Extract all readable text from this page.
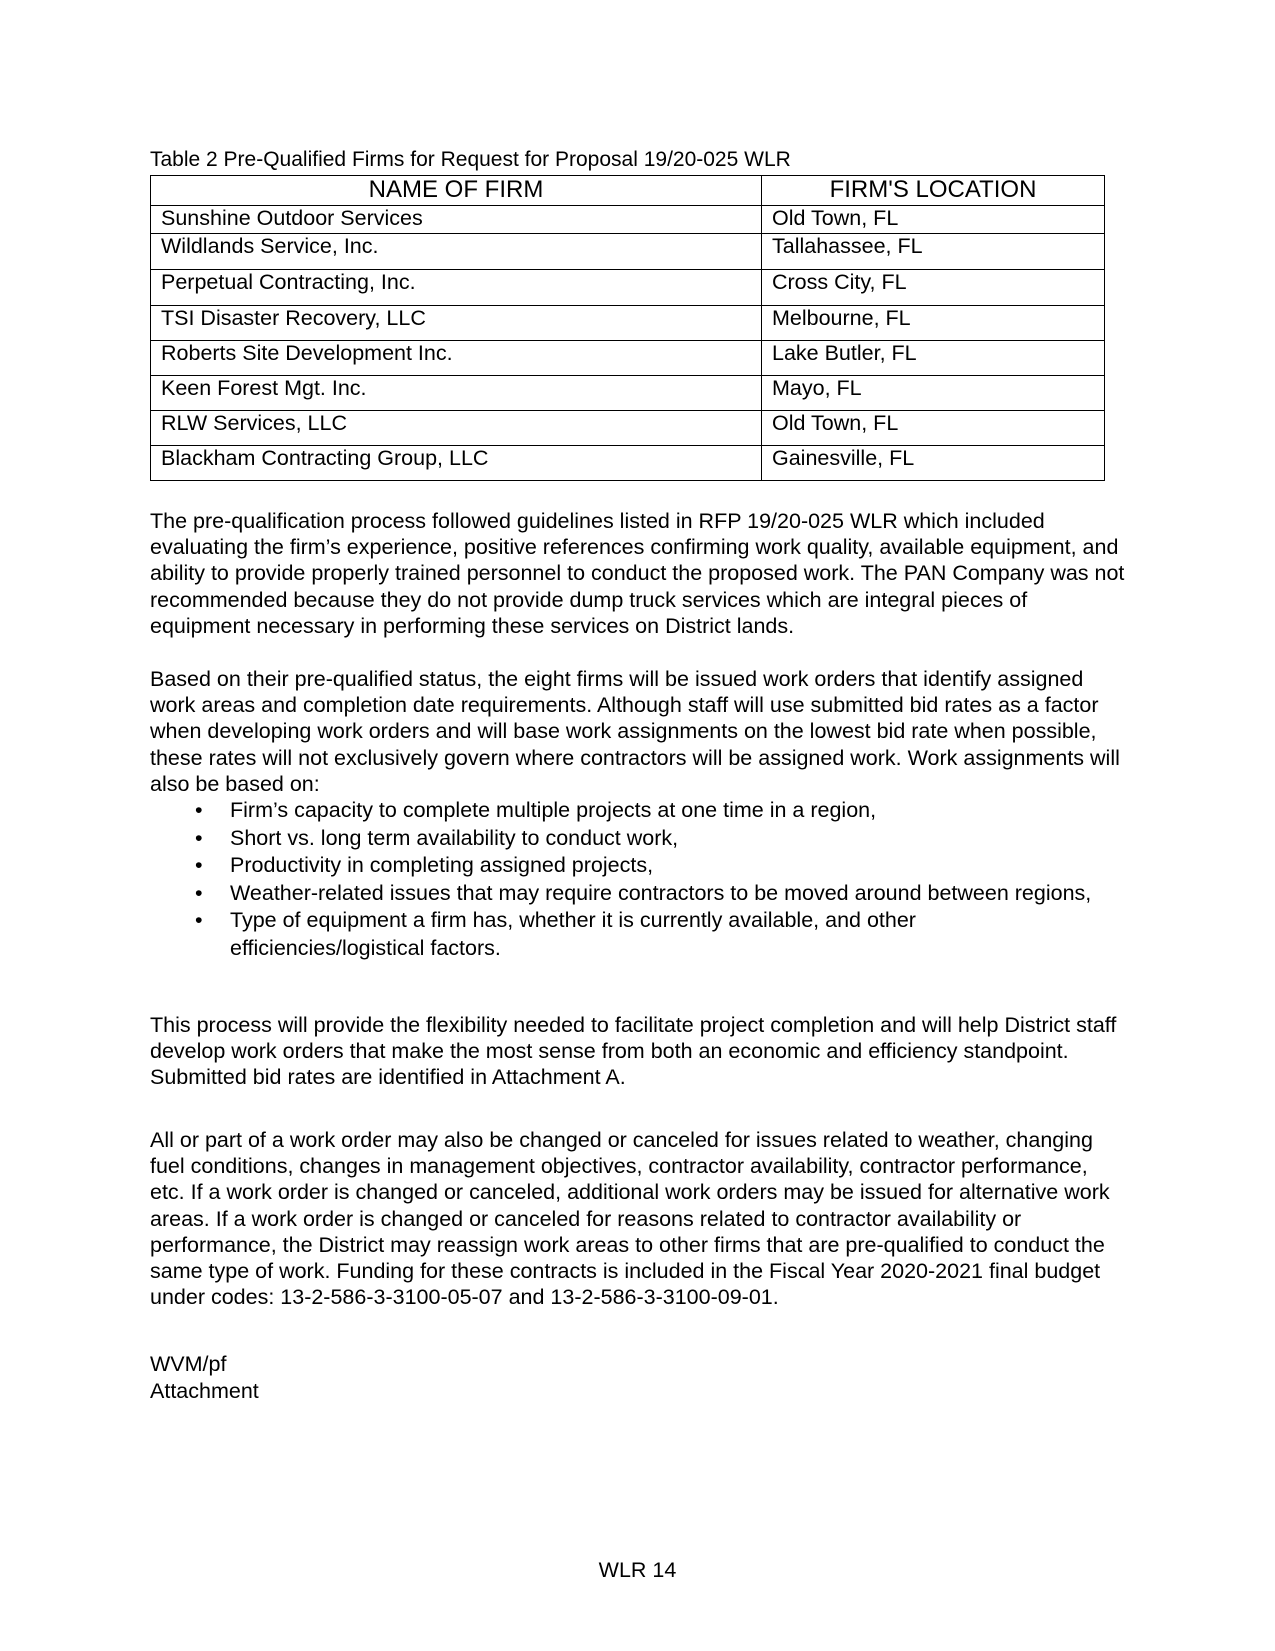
Table 2 Pre-Qualified Firms for Request for Proposal 19/20-025 WLR
NAME OF FIRM	FIRM'S LOCATION
Sunshine Outdoor Services	Old Town, FL
Wildlands Service, Inc.	Tallahassee, FL
Perpetual Contracting, Inc.	Cross City, FL
TSI Disaster Recovery, LLC	Melbourne, FL
Roberts Site Development Inc.	Lake Butler, FL
Keen Forest Mgt. Inc.	Mayo, FL
RLW Services, LLC	Old Town, FL
Blackham Contracting Group, LLC	Gainesville, FL

The pre-qualification process followed guidelines listed in RFP 19/20-025 WLR which included evaluating the firm’s experience, positive references confirming work quality, available equipment, and ability to provide properly trained personnel to conduct the proposed work. The PAN Company was not recommended because they do not provide dump truck services which are integral pieces of equipment necessary in performing these services on District lands.

Based on their pre-qualified status, the eight firms will be issued work orders that identify assigned work areas and completion date requirements. Although staff will use submitted bid rates as a factor when developing work orders and will base work assignments on the lowest bid rate when possible, these rates will not exclusively govern where contractors will be assigned work. Work assignments will also be based on:

• Firm’s capacity to complete multiple projects at one time in a region,
• Short vs. long term availability to conduct work,
• Productivity in completing assigned projects,
• Weather-related issues that may require contractors to be moved around between regions,
• Type of equipment a firm has, whether it is currently available, and other efficiencies/logistical factors.

This process will provide the flexibility needed to facilitate project completion and will help District staff develop work orders that make the most sense from both an economic and efficiency standpoint. Submitted bid rates are identified in Attachment A.

All or part of a work order may also be changed or canceled for issues related to weather, changing fuel conditions, changes in management objectives, contractor availability, contractor performance, etc. If a work order is changed or canceled, additional work orders may be issued for alternative work areas. If a work order is changed or canceled for reasons related to contractor availability or performance, the District may reassign work areas to other firms that are pre-qualified to conduct the same type of work. Funding for these contracts is included in the Fiscal Year 2020-2021 final budget under codes: 13-2-586-3-3100-05-07 and 13-2-586-3-3100-09-01.

WVM/pf
Attachment
WLR 14
